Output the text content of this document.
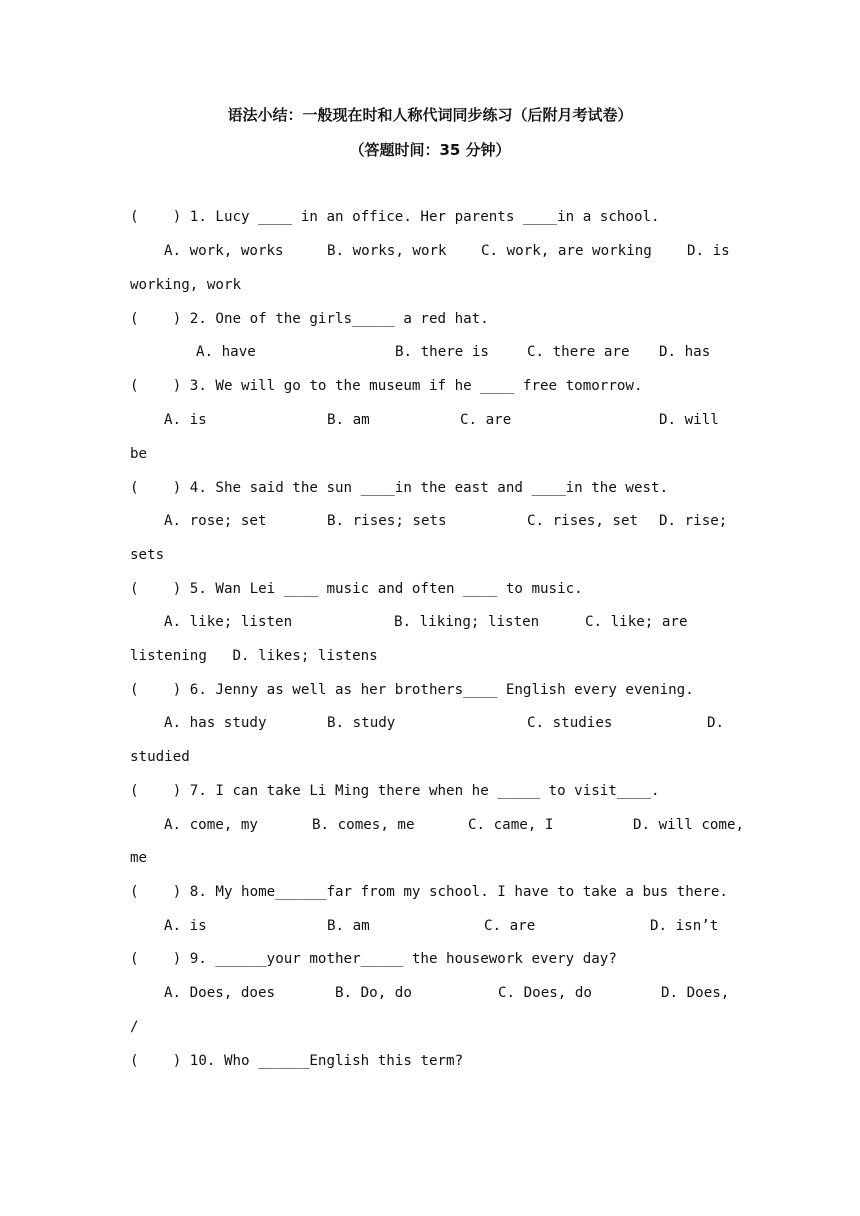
语法小结：一般现在时和人称代词同步练习（后附月考试卷）
（答题时间：35 分钟）
(    ) 1. Lucy ____ in an office. Her parents ____in a school.
A. work, works	B. works, work C. work, are working D. is
working, work
(    ) 2. One of the girls_____ a red hat.
A. have	B. there is	C. there are D. has
(    ) 3. We will go to the museum if he ____ free tomorrow.
A. is	B. am	C. are	D. will
be
(    ) 4. She said the sun ____in the east and ____in the west.
A. rose; set	B. rises; sets	C. rises, set D. rise;
sets
(    ) 5. Wan Lei ____ music and often ____ to music.
A. like; listen	B. liking; listen	C. like; are
listening   D. likes; listens
(    ) 6. Jenny as well as her brothers____ English every evening.
A. has study	B. study	C. studies	D.
studied
(    ) 7. I can take Li Ming there when he _____ to visit____.
A. come, my	B. comes, me	C. came, I	D. will come,
me
(    ) 8. My home______far from my school. I have to take a bus there.
A. is	B. am	C. are	D. isn’t
(    ) 9. ______your mother_____ the housework every day?
A. Does, does	B. Do, do	C. Does, do	D. Does,
/
(    ) 10. Who ______English this term?
